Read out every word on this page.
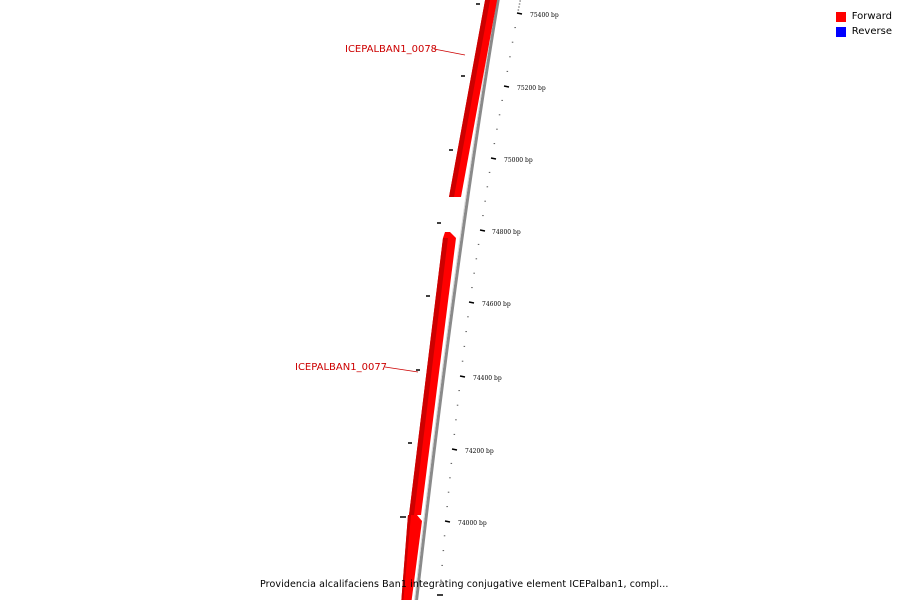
ICEPALBAN1_0078
ICEPALBAN1_0077
75400 bp
75200 bp
75000 bp
74800 bp
74600 bp
74400 bp
74200 bp
74000 bp
Forward
Reverse
Providencia alcalifaciens Ban1 integrating conjugative element ICEPalban1, compl...
